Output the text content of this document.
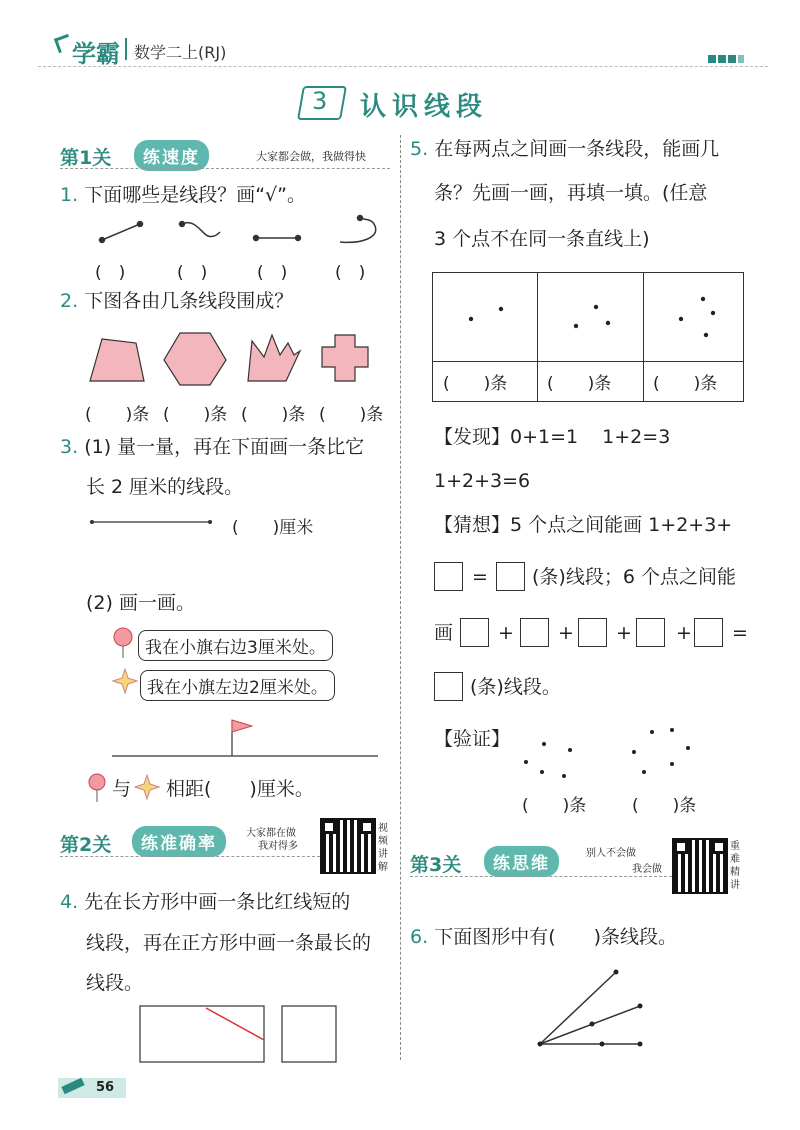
学霸 数学二上(RJ)
3 认识线段
第1关	练速度	大家都会做，我做得快
1. 下面哪些是线段？画“√”。
(　)	(　)	(　)	(　)
2. 下图各由几条线段围成？
(　　)条 (　　)条 (　　)条 (　　)条
3. (1) 量一量，再在下面画一条比它
长 2 厘米的线段。
(　　)厘米
(2) 画一画。
我在小旗右边3厘米处。
我在小旗左边2厘米处。
与 相距(　　)厘米。
第2关	练准确率
大家都在做
我对得多
视频讲解
4. 先在长方形中画一条比红线短的
线段，再在正方形中画一条最长的
线段。
56
5. 在每两点之间画一条线段，能画几
条？先画一画，再填一填。(任意
3 个点不在同一条直线上)
(　　)条 (　　)条 (　　)条
【发现】0+1=1 1+2=3
1+2+3=6
【猜想】5 个点之间能画 1+2+3+
= (条)线段；6 个点之间能
画 + + + + =
(条)线段。
【验证】
(　　)条	(　　)条
第3关	练思维
别人不会做
我会做
重难精讲
6. 下面图形中有(　　)条线段。
